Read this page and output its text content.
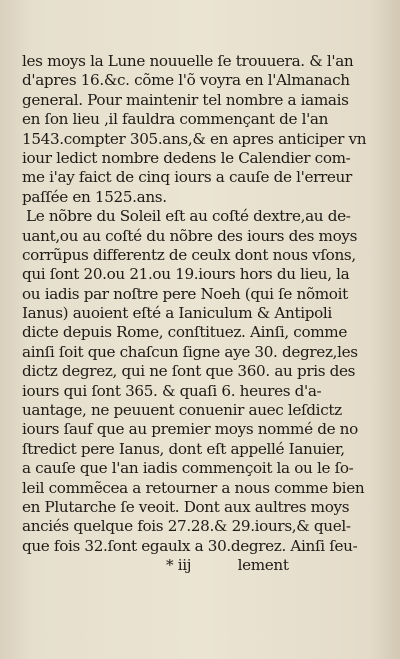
les moys la Lune nouuelle ſe trouuera. & l'an
d'apres 16.&c. cõme l'õ voyra en l'Almanach
general. Pour maintenir tel nombre a iamais
en ſon lieu ,il fauldra commençant de l'an
1543.compter 305.ans,& en apres anticiper vn
iour ledict nombre dedens le Calendier com-
me i'ay faict de cinq iours a cauſe de l'erreur
paſſée en 1525.ans.
Le nõbre du Soleil eſt au coſté dextre,au de-
uant,ou au coſté du nõbre des iours des moys
corrũpus differentz de ceulx dont nous vſons,
qui ſont 20.ou 21.ou 19.iours hors du lieu, la
ou iadis par noſtre pere Noeh (qui ſe nõmoit
Ianus) auoient eſté a Ianiculum & Antipoli
dicte depuis Rome, conſtituez. Ainſi, comme
ainſi ſoit que chaſcun ſigne aye 30. degrez,les
dictz degrez, qui ne ſont que 360. au pris des
iours qui ſont 365. & quaſi 6. heures d'a-
uantage, ne peuuent conuenir auec leſdictz
iours ſauf que au premier moys nommé de no
ſtredict pere Ianus, dont eſt appellé Ianuier,
a cauſe que l'an iadis commençoit la ou le ſo-
leil commẽcea a retourner a nous comme bien
en Plutarche ſe veoit. Dont aux aultres moys
anciés quelque fois 27.28.& 29.iours,& quel-
que fois 32.ſont egaulx a 30.degrez. Ainſi ſeu-
* iij	lement
